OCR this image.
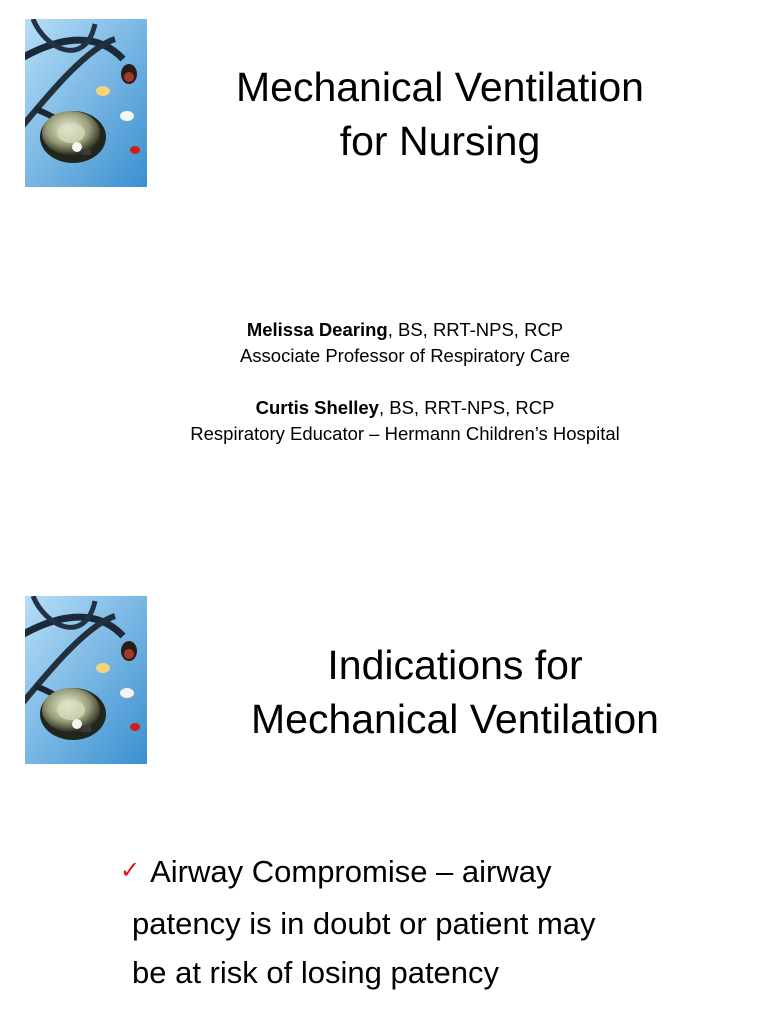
Mechanical Ventilation
for Nursing
Melissa Dearing, BS, RRT-NPS, RCP
Associate Professor of Respiratory Care
Curtis Shelley, BS, RRT-NPS, RCP
Respiratory Educator – Hermann Children’s Hospital
Indications for
Mechanical Ventilation
✓ Airway Compromise – airway
patency is in doubt or patient may
be at risk of losing patency
